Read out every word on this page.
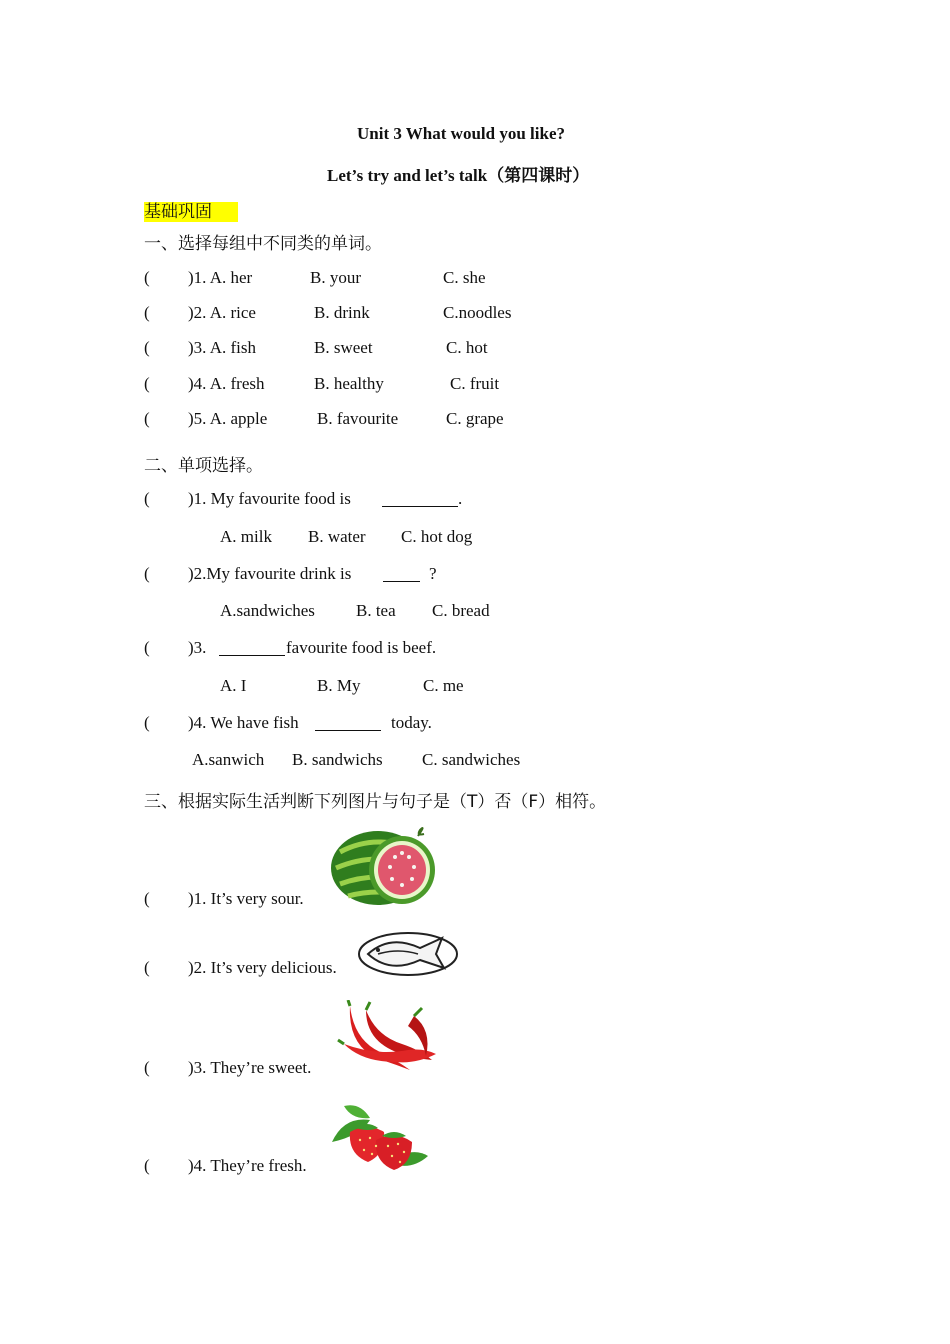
Unit 3 What would you like?
Let’s try and let’s talk（第四课时）
基础巩固
一、选择每组中不同类的单词。
( )1. A. her	B. your	C. she
( )2. A. rice	B. drink	C.noodles
( )3. A. fish	B. sweet	C. hot
( )4. A. fresh	B. healthy	C. fruit
( )5. A. apple	B. favourite	C. grape
二、单项选择。
( )1. My favourite food is	.
A. milk B. water C. hot dog
( )2.My favourite drink is	?
A.sandwiches B. tea C. bread
( )3.	favourite food is beef.
A. I	B. My	C. me
( )4. We have fish	today.
A.sanwich B. sandwichs C. sandwiches
三、根据实际生活判断下列图片与句子是（T）否（F）相符。
( )1. It’s very sour.
( )2. It’s very delicious.
( )3. They’re sweet.
( )4. They’re fresh.
